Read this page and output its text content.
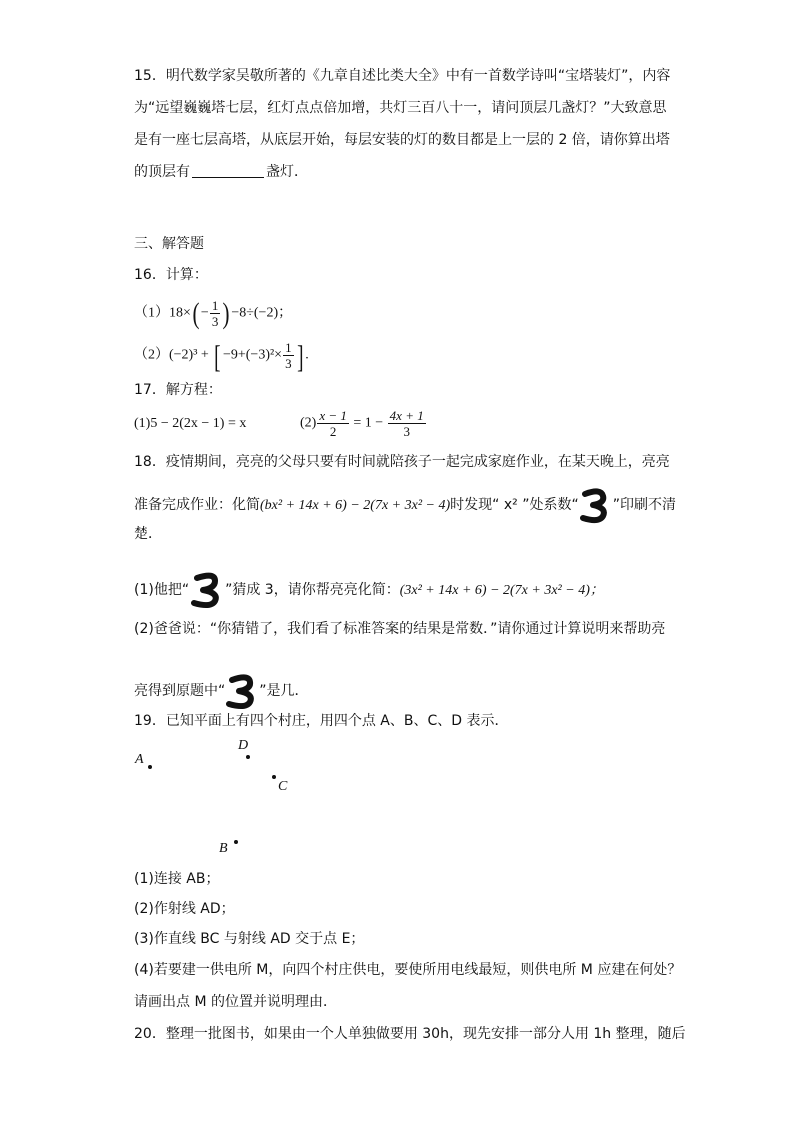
15．明代数学家吴敬所著的《九章自述比类大全》中有一首数学诗叫“宝塔装灯”，内容
为“远望巍巍塔七层，红灯点点倍加增，共灯三百八十一，请问顶层几盏灯？”大致意思
是有一座七层高塔，从底层开始，每层安装的灯的数目都是上一层的 2 倍，请你算出塔
的顶层有	盏灯．
三、解答题
16．计算：
$(1)18\times( - \frac{1}{3}$ ) −8÷(−2)；
（2）(−2)³ + [ $-9+(-3)^2\times \frac{1}{3}$ ] .
17．解方程：
(1)5 − 2(2x − 1) = x	$(2) \frac{x - 1}{2} = 1 - \frac{4x + 1}{3}$
18．疫情期间，亮亮的父母只要有时间就陪孩子一起完成家庭作业，在某天晚上，亮亮
准备完成作业：化简(bx² + 14x + 6) − 2(7x + 3x² − 4)时发现“ x² ”处系数“ ”印刷不清
楚．
(1)他把“	”猜成 3，请你帮亮亮化简：(3x² + 14x + 6) − 2(7x + 3x² − 4)；
(2)爸爸说：“你猜错了，我们看了标准答案的结果是常数．”请你通过计算说明来帮助亮
亮得到原题中“ ”是几．
19．已知平面上有四个村庄，用四个点 A、B、C、D 表示．
A
D
C
B
(1)连接 AB；
(2)作射线 AD；
(3)作直线 BC 与射线 AD 交于点 E；
(4)若要建一供电所 M，向四个村庄供电，要使所用电线最短，则供电所 M 应建在何处？
请画出点 M 的位置并说明理由．
20．整理一批图书，如果由一个人单独做要用 30h，现先安排一部分人用 1h 整理，随后
